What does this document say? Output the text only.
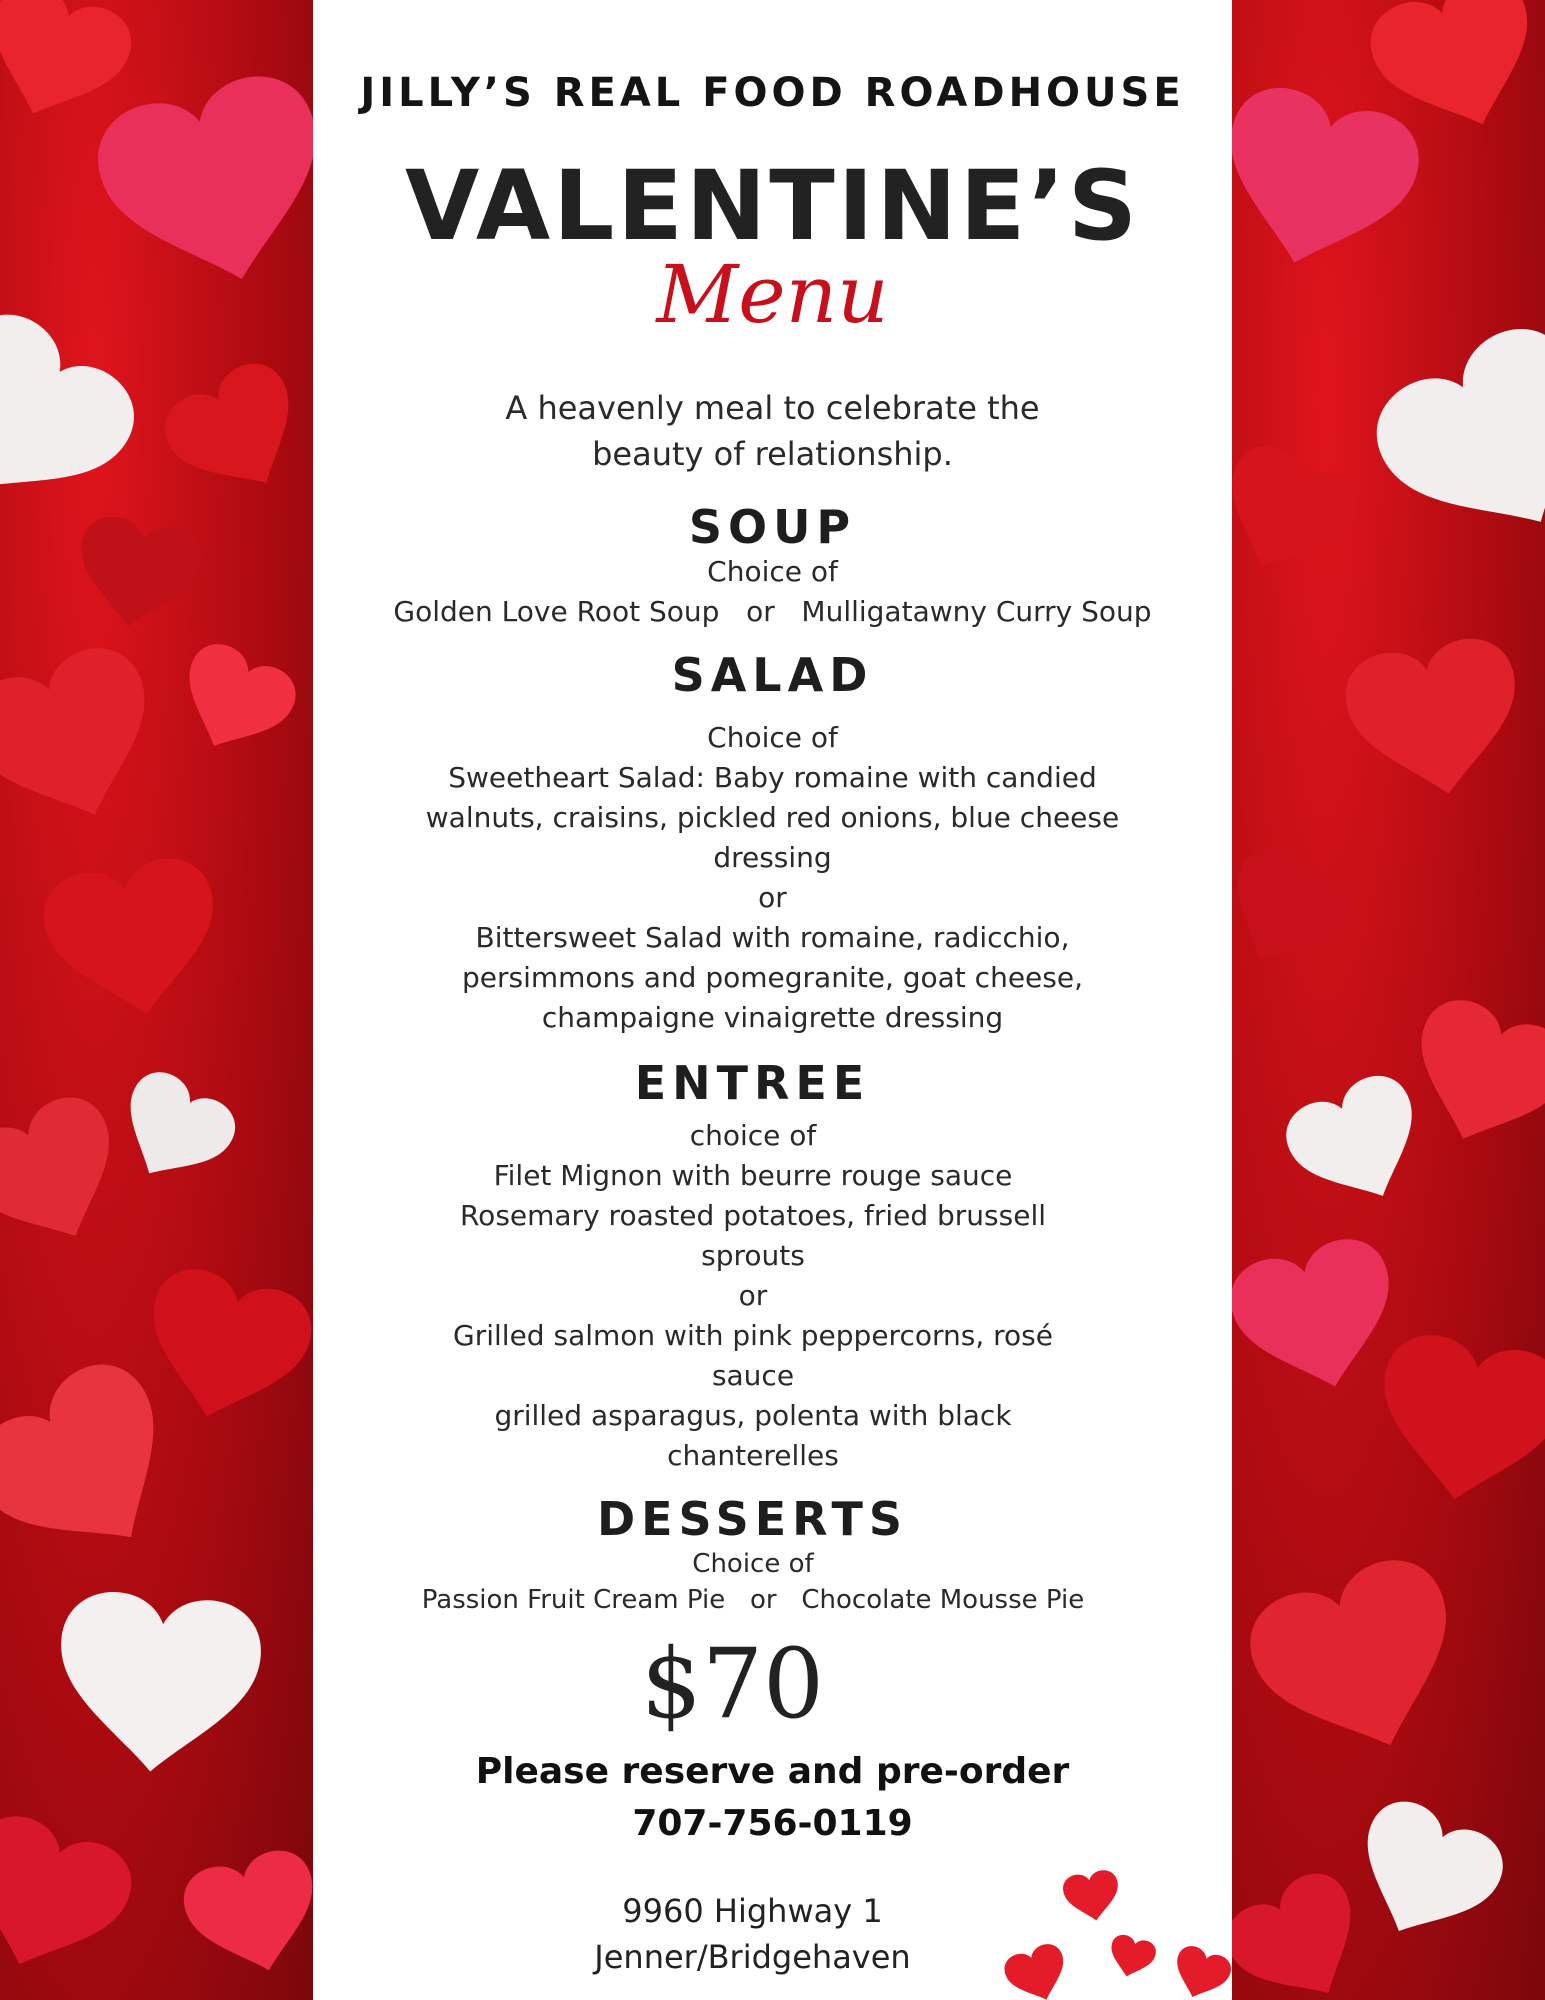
JILLY’S REAL FOOD ROADHOUSE
VALENTINE’S
Menu
A heavenly meal to celebrate the
beauty of relationship.
SOUP
Choice of
Golden Love Root Soup   or   Mulligatawny Curry Soup
SALAD
Choice of
Sweetheart Salad: Baby romaine with candied
walnuts, craisins, pickled red onions, blue cheese
dressing
or
Bittersweet Salad with romaine, radicchio,
persimmons and pomegranite, goat cheese,
champaigne vinaigrette dressing
ENTREE
choice of
Filet Mignon with beurre rouge sauce
Rosemary roasted potatoes, fried brussell
sprouts
or
Grilled salmon with pink peppercorns, rosé
sauce
grilled asparagus, polenta with black
chanterelles
DESSERTS
Choice of
Passion Fruit Cream Pie   or   Chocolate Mousse Pie
$70
Please reserve and pre-order
707-756-0119
9960 Highway 1
Jenner/Bridgehaven
